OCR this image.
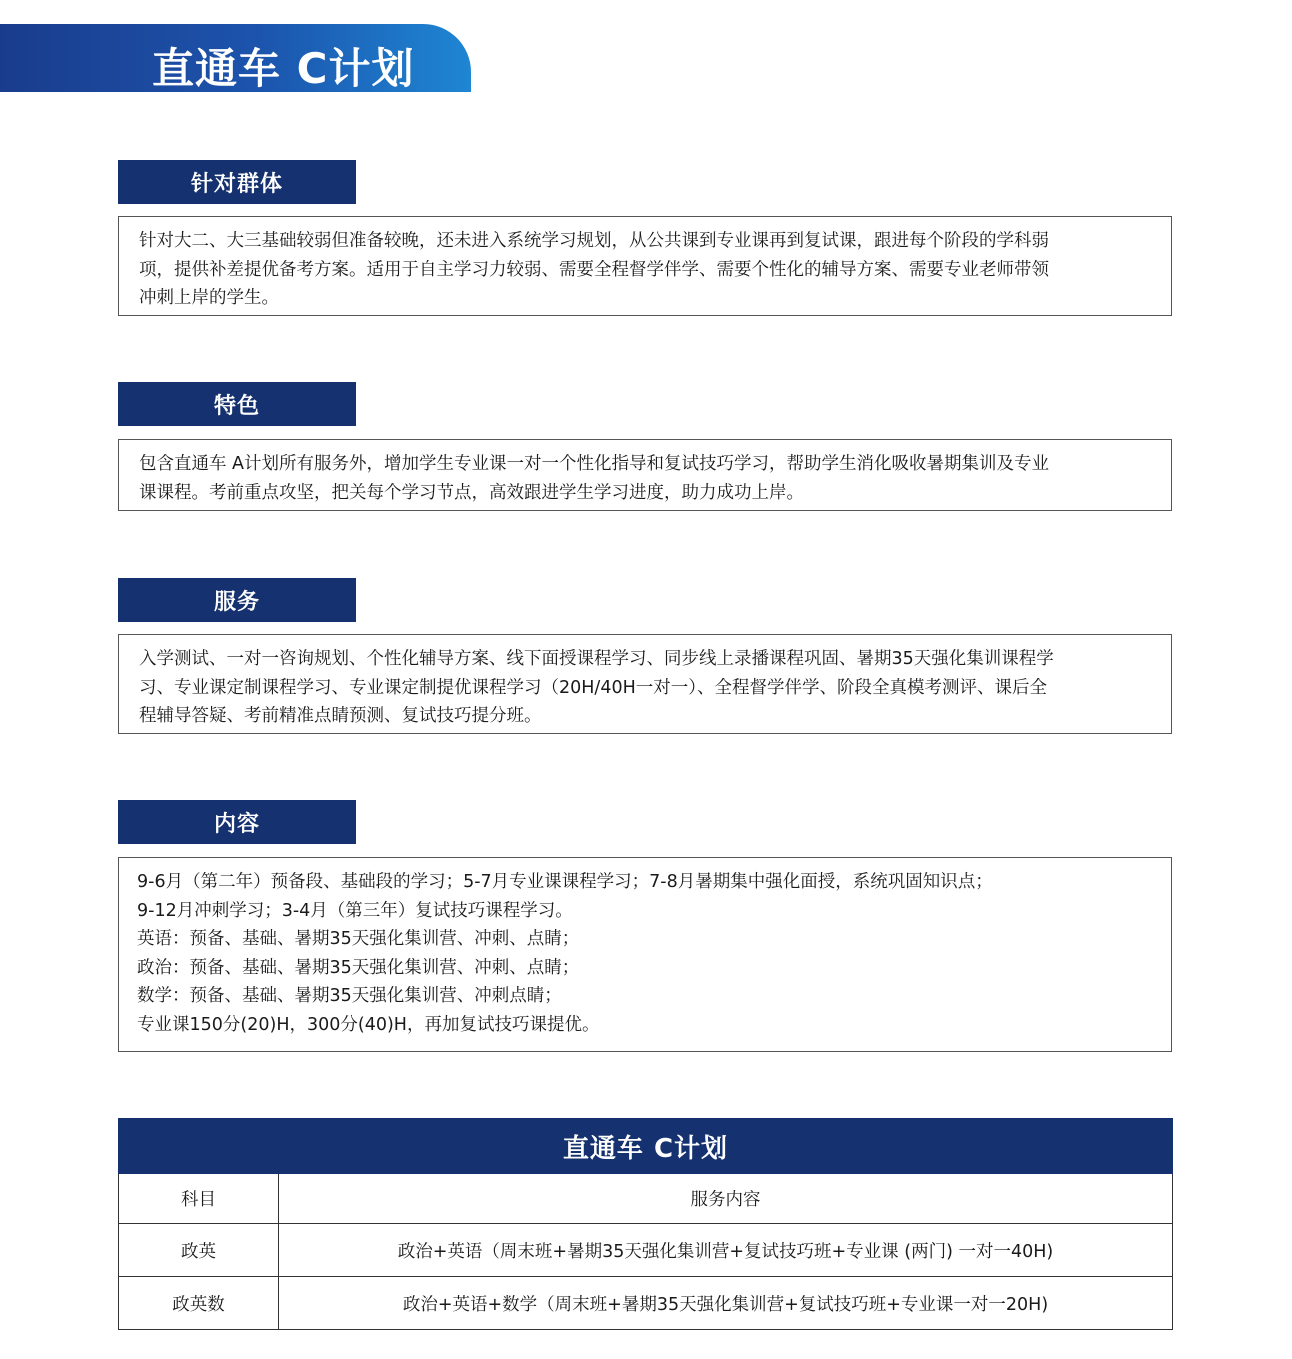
直通车 C计划
针对群体
针对大二、大三基础较弱但准备较晚，还未进入系统学习规划，从公共课到专业课再到复试课，跟进每个阶段的学科弱
项，提供补差提优备考方案。适用于自主学习力较弱、需要全程督学伴学、需要个性化的辅导方案、需要专业老师带领
冲刺上岸的学生。
特色
包含直通车 A计划所有服务外，增加学生专业课一对一个性化指导和复试技巧学习，帮助学生消化吸收暑期集训及专业
课课程。考前重点攻坚，把关每个学习节点，高效跟进学生学习进度，助力成功上岸。
服务
入学测试、一对一咨询规划、个性化辅导方案、线下面授课程学习、同步线上录播课程巩固、暑期35天强化集训课程学
习、专业课定制课程学习、专业课定制提优课程学习（20H/40H一对一）、全程督学伴学、阶段全真模考测评、课后全
程辅导答疑、考前精准点睛预测、复试技巧提分班。
内容
9-6月（第二年）预备段、基础段的学习；5-7月专业课课程学习；7-8月暑期集中强化面授，系统巩固知识点；
9-12月冲刺学习；3-4月（第三年）复试技巧课程学习。
英语：预备、基础、暑期35天强化集训营、冲刺、点睛；
政治：预备、基础、暑期35天强化集训营、冲刺、点睛；
数学：预备、基础、暑期35天强化集训营、冲刺点睛；
专业课150分(20)H，300分(40)H，再加复试技巧课提优。
直通车 C计划	
科目	服务内容
政英	政治+英语（周末班+暑期35天强化集训营+复试技巧班+专业课 (两门) 一对一40H)
政英数	政治+英语+数学（周末班+暑期35天强化集训营+复试技巧班+专业课一对一20H)
